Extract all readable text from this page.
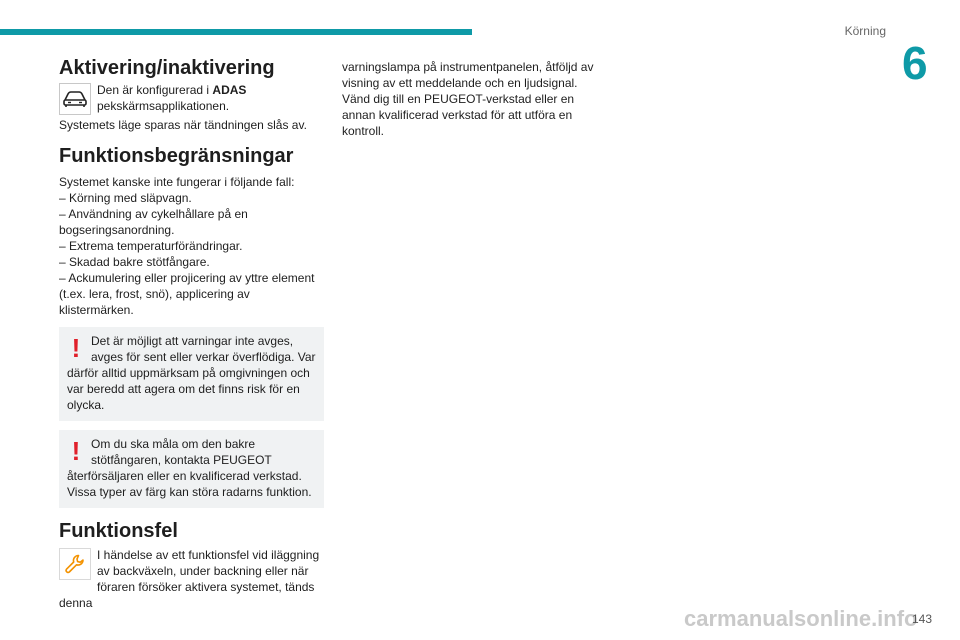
Körning
6
Aktivering/inaktivering

Den är konfigurerad i ADAS pekskärmsapplikationen.

Systemets läge sparas när tändningen slås av.

Funktionsbegränsningar

Systemet kanske inte fungerar i följande fall:

– Körning med släpvagn.

– Användning av cykelhållare på en bogseringsanordning.

– Extrema temperaturförändringar.

– Skadad bakre stötfångare.

– Ackumulering eller projicering av yttre element (t.ex. lera, frost, snö), applicering av klistermärken.

! Det är möjligt att varningar inte avges, avges för sent eller verkar överflödiga. Var därför alltid uppmärksam på omgivningen och var beredd att agera om det finns risk för en olycka.

! Om du ska måla om den bakre stötfångaren, kontakta PEUGEOT återförsäljaren eller en kvalificerad verkstad. Vissa typer av färg kan störa radarns funktion.

Funktionsfel

I händelse av ett funktionsfel vid iläggning av backväxeln, under backning eller när föraren försöker aktivera systemet, tänds denna

varningslampa på instrumentpanelen, åtföljd av visning av ett meddelande och en ljudsignal. Vänd dig till en PEUGEOT-verkstad eller en annan kvalificerad verkstad för att utföra en kontroll.

carmanualsonline.info
143
